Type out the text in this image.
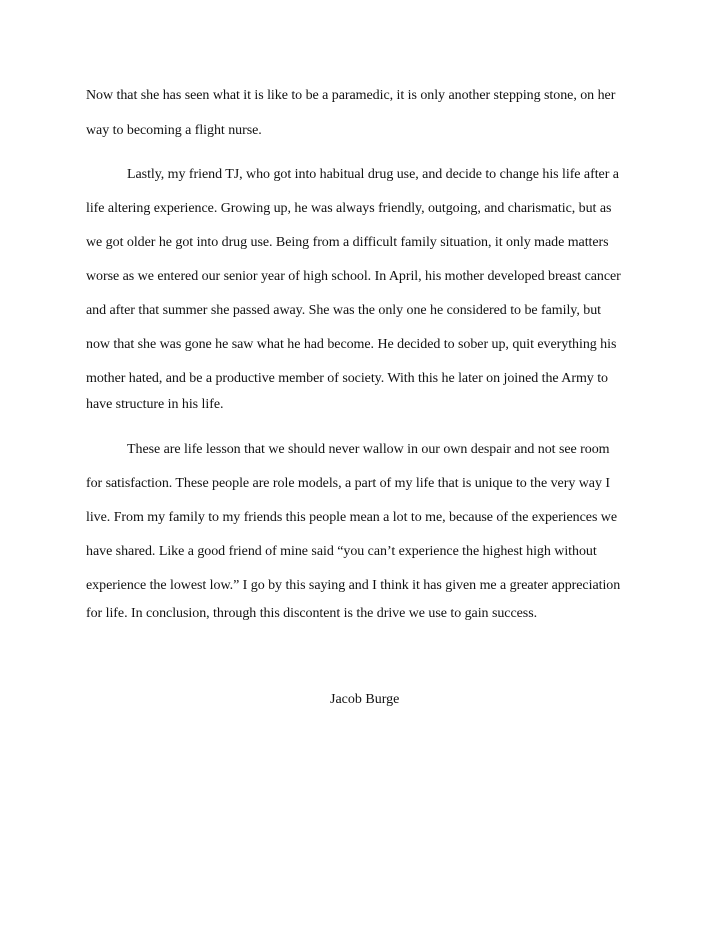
Now that she has seen what it is like to be a paramedic, it is only another stepping stone, on her
way to becoming a flight nurse.
Lastly, my friend TJ, who got into habitual drug use, and decide to change his life after a
life altering experience. Growing up, he was always friendly, outgoing, and charismatic, but as
we got older he got into drug use. Being from a difficult family situation, it only made matters
worse as we entered our senior year of high school. In April, his mother developed breast cancer
and after that summer she passed away. She was the only one he considered to be family, but
now that she was gone he saw what he had become. He decided to sober up, quit everything his
mother hated, and be a productive member of society. With this he later on joined the Army to
have structure in his life.
These are life lesson that we should never wallow in our own despair and not see room
for satisfaction. These people are role models, a part of my life that is unique to the very way I
live. From my family to my friends this people mean a lot to me, because of the experiences we
have shared. Like a good friend of mine said “you can’t experience the highest high without
experience the lowest low.” I go by this saying and I think it has given me a greater appreciation
for life. In conclusion, through this discontent is the drive we use to gain success.
Jacob Burge
